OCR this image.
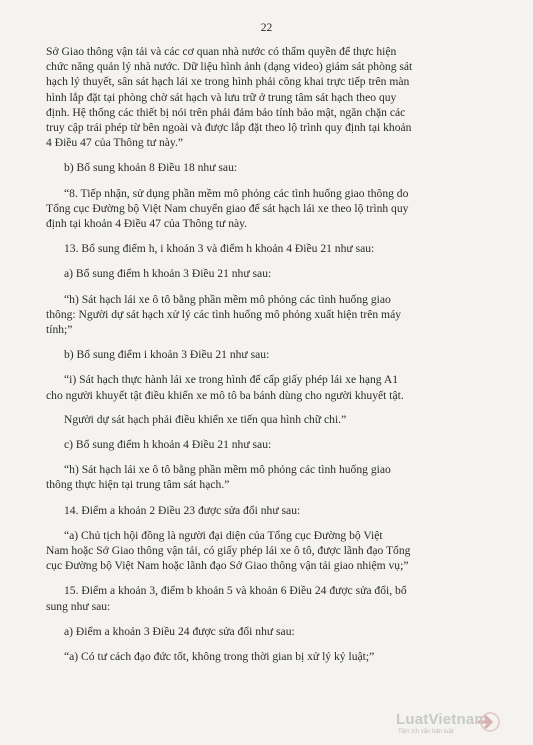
22

Sở Giao thông vận tải và các cơ quan nhà nước có thẩm quyền để thực hiện

chức năng quản lý nhà nước. Dữ liệu hình ảnh (dạng video) giám sát phòng sát

hạch lý thuyết, sân sát hạch lái xe trong hình phải công khai trực tiếp trên màn

hình lắp đặt tại phòng chờ sát hạch và lưu trữ ở trung tâm sát hạch theo quy

định. Hệ thống các thiết bị nói trên phải đảm bảo tính bảo mật, ngăn chặn các

truy cập trái phép từ bên ngoài và được lắp đặt theo lộ trình quy định tại khoản

4 Điều 47 của Thông tư này.”

b) Bổ sung khoản 8 Điều 18 như sau:

“8. Tiếp nhận, sử dụng phần mềm mô phỏng các tình huống giao thông do

Tổng cục Đường bộ Việt Nam chuyển giao để sát hạch lái xe theo lộ trình quy

định tại khoản 4 Điều 47 của Thông tư này.

13. Bổ sung điểm h, i khoản 3 và điểm h khoản 4 Điều 21 như sau:

a) Bổ sung điểm h khoản 3 Điều 21 như sau:

“h) Sát hạch lái xe ô tô bằng phần mềm mô phỏng các tình huống giao

thông: Người dự sát hạch xử lý các tình huống mô phỏng xuất hiện trên máy

tính;”

b) Bổ sung điểm i khoản 3 Điều 21 như sau:

“i) Sát hạch thực hành lái xe trong hình để cấp giấy phép lái xe hạng A1

cho người khuyết tật điều khiển xe mô tô ba bánh dùng cho người khuyết tật.

Người dự sát hạch phải điều khiển xe tiến qua hình chữ chi.”

c) Bổ sung điểm h khoản 4 Điều 21 như sau:

“h) Sát hạch lái xe ô tô bằng phần mềm mô phỏng các tình huống giao

thông thực hiện tại trung tâm sát hạch.”

14. Điểm a khoản 2 Điều 23 được sửa đổi như sau:

“a) Chủ tịch hội đồng là người đại diện của Tổng cục Đường bộ Việt

Nam hoặc Sở Giao thông vận tải, có giấy phép lái xe ô tô, được lãnh đạo Tổng

cục Đường bộ Việt Nam hoặc lãnh đạo Sở Giao thông vận tải giao nhiệm vụ;”

15. Điểm a khoản 3, điểm b khoản 5 và khoản 6 Điều 24 được sửa đổi, bổ

sung như sau:

a) Điểm a khoản 3 Điều 24 được sửa đổi như sau:

“a) Có tư cách đạo đức tốt, không trong thời gian bị xử lý kỷ luật;”

LuatVietnam
Tiện ích văn bản luật
